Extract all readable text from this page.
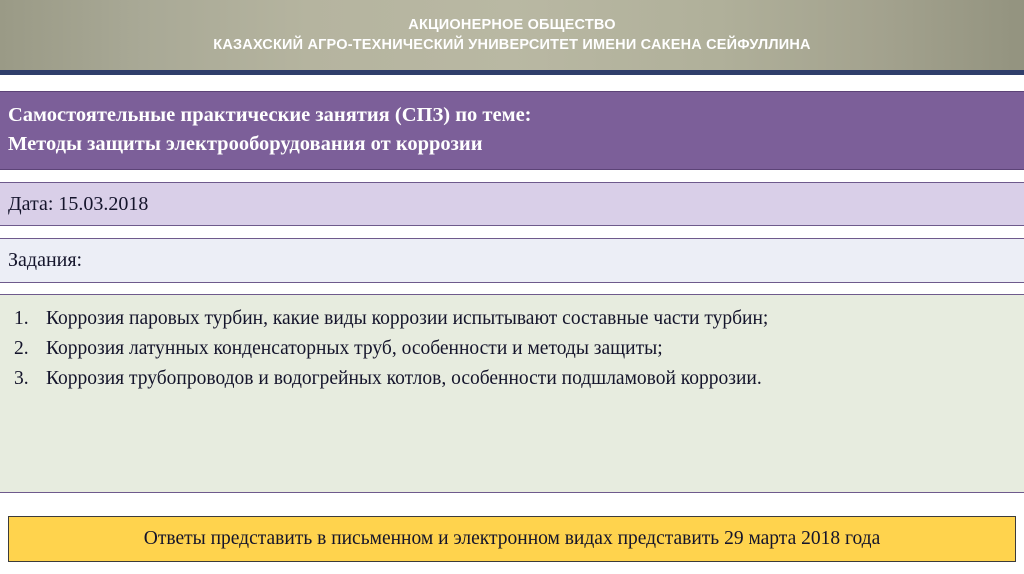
АКЦИОНЕРНОЕ ОБЩЕСТВО
КАЗАХСКИЙ АГРО-ТЕХНИЧЕСКИЙ УНИВЕРСИТЕТ ИМЕНИ САКЕНА СЕЙФУЛЛИНА
Самостоятельные практические занятия (СПЗ) по теме:
Методы защиты электрооборудования от коррозии
Дата: 15.03.2018
Задания:
1. Коррозия паровых турбин, какие виды коррозии испытывают составные части турбин;
2. Коррозия латунных конденсаторных труб, особенности и методы защиты;
3. Коррозия трубопроводов и водогрейных котлов, особенности подшламовой коррозии.
Ответы представить в письменном и электронном видах представить 29 марта 2018 года
